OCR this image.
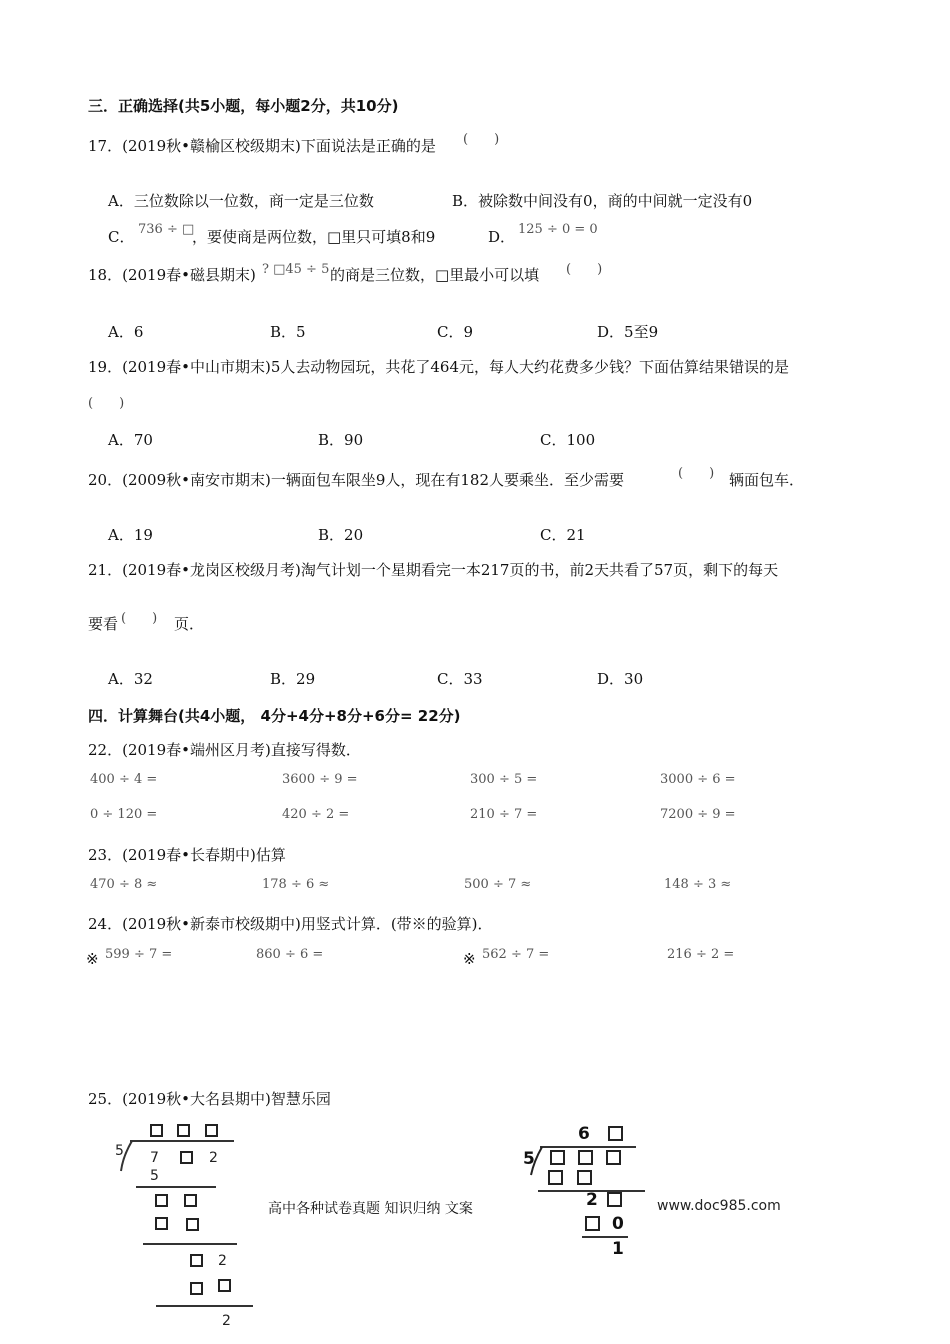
三．正确选择(共5小题，每小题2分，共10分)
17．(2019秋•赣榆区校级期末)下面说法是正确的是 (　　)
A．三位数除以一位数，商一定是三位数	B．被除数中间没有0，商的中间就一定没有0
C． 736 ÷ □
，要使商是两位数，□里只可填8和9	D． 125 ÷ 0 = 0
18．(2019春•磁县期末) ? □45 ÷ 5 的商是三位数，□里最小可以填 (　　)
A．6	B．5	C．9	D．5至9
19．(2019春•中山市期末)5人去动物园玩，共花了464元，每人大约花费多少钱？下面估算结果错误的是
(　　)
A．70	B．90	C．100
20．(2009秋•南安市期末)一辆面包车限坐9人，现在有182人要乘坐．至少需要	(　　) 辆面包车．
A．19	B．20	C．21
21．(2019春•龙岗区校级月考)淘气计划一个星期看完一本217页的书，前2天共看了57页，剩下的每天
要看 (　　) 页．
A．32	B．29	C．33	D．30
四．计算舞台(共4小题， 4分+4分+8分+6分= 22分)
22．(2019春•端州区月考)直接写得数．
400 ÷ 4 =	3600 ÷ 9 =	300 ÷ 5 =	3000 ÷ 6 =
0 ÷ 120 =	420 ÷ 2 =	210 ÷ 7 =	7200 ÷ 9 =
23．(2019春•长春期中)估算
470 ÷ 8 ≈	178 ÷ 6 ≈	500 ÷ 7 ≈	148 ÷ 3 ≈
24．(2019秋•新泰市校级期中)用竖式计算．(带※的验算)．
※ 599 ÷ 7 =	860 ÷ 6 =	※ 562 ÷ 7 =	216 ÷ 2 =
25．(2019秋•大名县期中)智慧乐园
5 7	2
5
2
2
6
5
2
0
1
高中各种试卷真题 知识归纳 文案	www.doc985.com
